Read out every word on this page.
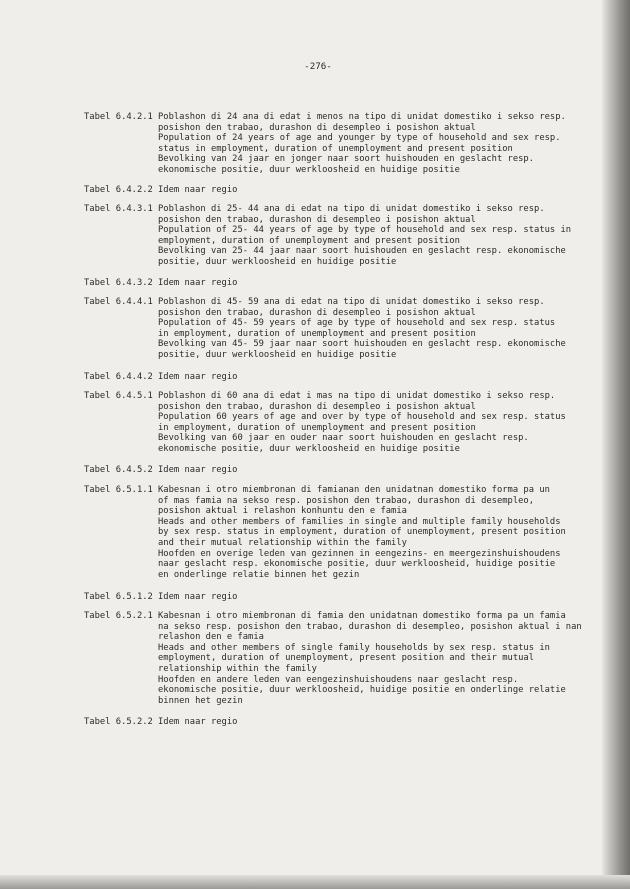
-276-
Tabel 6.4.2.1 Poblashon di 24 ana di edat i menos na tipo di unidat domestiko i sekso resp.
posishon den trabao, durashon di desempleo i posishon aktual
Population of 24 years of age and younger by type of household and sex resp.
status in employment, duration of unemployment and present position
Bevolking van 24 jaar en jonger naar soort huishouden en geslacht resp.
ekonomische positie, duur werkloosheid en huidige positie
Tabel 6.4.2.2 Idem naar regio
Tabel 6.4.3.1 Poblashon di 25- 44 ana di edat na tipo di unidat domestiko i sekso resp.
posishon den trabao, durashon di desempleo i posishon aktual
Population of 25- 44 years of age by type of household and sex resp. status in
employment, duration of unemployment and present position
Bevolking van 25- 44 jaar naar soort huishouden en geslacht resp. ekonomische
positie, duur werkloosheid en huidige positie
Tabel 6.4.3.2 Idem naar regio
Tabel 6.4.4.1 Poblashon di 45- 59 ana di edat na tipo di unidat domestiko i sekso resp.
posishon den trabao, durashon di desempleo i posishon aktual
Population of 45- 59 years of age by type of household and sex resp. status
in employment, duration of unemployment and present position
Bevolking van 45- 59 jaar naar soort huishouden en geslacht resp. ekonomische
positie, duur werkloosheid en huidige positie
Tabel 6.4.4.2 Idem naar regio
Tabel 6.4.5.1 Poblashon di 60 ana di edat i mas na tipo di unidat domestiko i sekso resp.
posishon den trabao, durashon di desempleo i posishon aktual
Population 60 years of age and over by type of household and sex resp. status
in employment, duration of unemployment and present position
Bevolking van 60 jaar en ouder naar soort huishouden en geslacht resp.
ekonomische positie, duur werkloosheid en huidige positie
Tabel 6.4.5.2 Idem naar regio
Tabel 6.5.1.1 Kabesnan i otro miembronan di famianan den unidatnan domestiko forma pa un
of mas famia na sekso resp. posishon den trabao, durashon di desempleo,
posishon aktual i relashon konhuntu den e famia
Heads and other members of families in single and multiple family households
by sex resp. status in employment, duration of unemployment, present position
and their mutual relationship within the family
Hoofden en overige leden van gezinnen in eengezins- en meergezinshuishoudens
naar geslacht resp. ekonomische positie, duur werkloosheid, huidige positie
en onderlinge relatie binnen het gezin
Tabel 6.5.1.2 Idem naar regio
Tabel 6.5.2.1 Kabesnan i otro miembronan di famia den unidatnan domestiko forma pa un famia
na sekso resp. posishon den trabao, durashon di desempleo, posishon aktual i nan
relashon den e famia
Heads and other members of single family households by sex resp. status in
employment, duration of unemployment, present position and their mutual
relationship within the family
Hoofden en andere leden van eengezinshuishoudens naar geslacht resp.
ekonomische positie, duur werkloosheid, huidige positie en onderlinge relatie
binnen het gezin
Tabel 6.5.2.2 Idem naar regio
